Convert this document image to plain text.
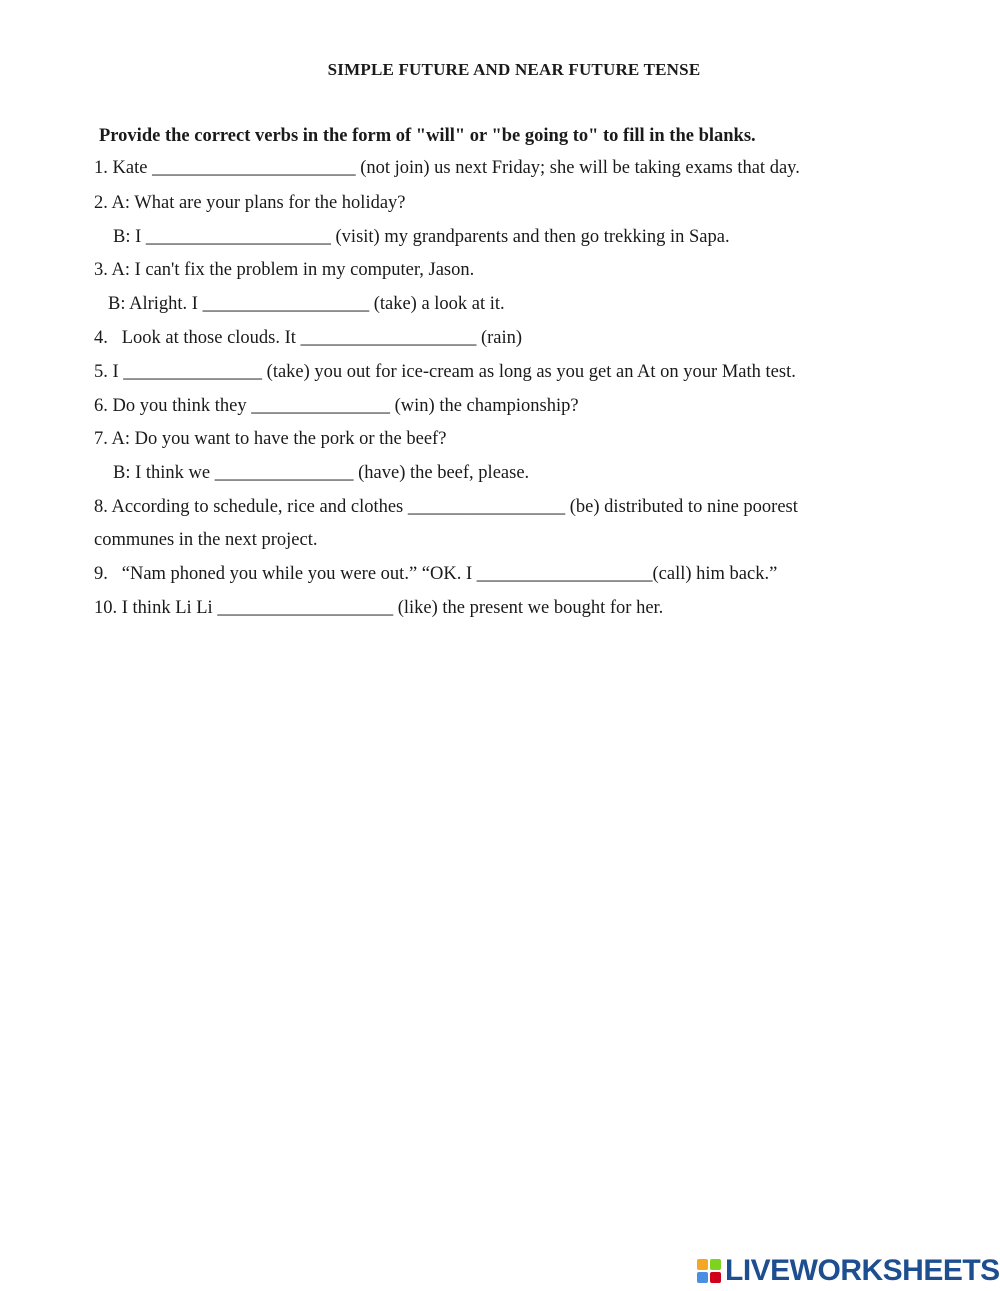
SIMPLE FUTURE AND NEAR FUTURE TENSE
Provide the correct verbs in the form of "will" or "be going to" to fill in the blanks.
1. Kate ______________________ (not join) us next Friday; she will be taking exams that day.
2. A: What are your plans for the holiday?
B: I ____________________ (visit) my grandparents and then go trekking in Sapa.
3. A: I can't fix the problem in my computer, Jason.
B: Alright. I __________________ (take) a look at it.
4.   Look at those clouds. It ___________________ (rain)
5. I _______________ (take) you out for ice-cream as long as you get an At on your Math test.
6. Do you think they _______________ (win) the championship?
7. A: Do you want to have the pork or the beef?
B: I think we _______________ (have) the beef, please.
8. According to schedule, rice and clothes _________________ (be) distributed to nine poorest
communes in the next project.
9.   “Nam phoned you while you were out.” “OK. I ___________________(call) him back.”
10. I think Li Li ___________________ (like) the present we bought for her.
LIVEWORKSHEETS
